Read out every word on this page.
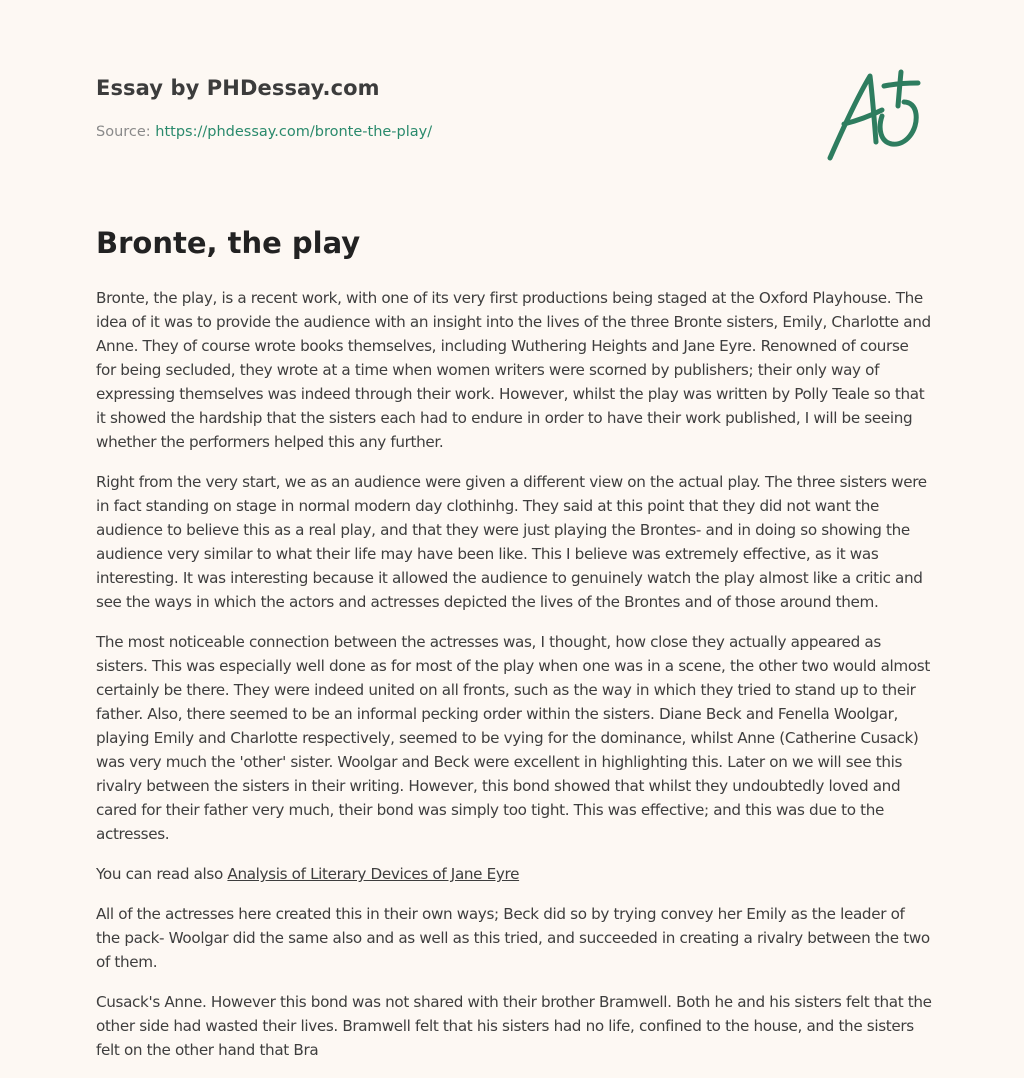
Essay by PHDessay.com
Source: https://phdessay.com/bronte-the-play/
Bronte, the play

Bronte, the play, is a recent work, with one of its very first productions being staged at the Oxford Playhouse. The idea of it was to provide the audience with an insight into the lives of the three Bronte sisters, Emily, Charlotte and Anne. They of course wrote books themselves, including Wuthering Heights and Jane Eyre. Renowned of course for being secluded, they wrote at a time when women writers were scorned by publishers; their only way of expressing themselves was indeed through their work. However, whilst the play was written by Polly Teale so that it showed the hardship that the sisters each had to endure in order to have their work published, I will be seeing whether the performers helped this any further.

Right from the very start, we as an audience were given a different view on the actual play. The three sisters were in fact standing on stage in normal modern day clothinhg. They said at this point that they did not want the audience to believe this as a real play, and that they were just playing the Brontes- and in doing so showing the audience very similar to what their life may have been like. This I believe was extremely effective, as it was interesting. It was interesting because it allowed the audience to genuinely watch the play almost like a critic and see the ways in which the actors and actresses depicted the lives of the Brontes and of those around them.

The most noticeable connection between the actresses was, I thought, how close they actually appeared as sisters. This was especially well done as for most of the play when one was in a scene, the other two would almost certainly be there. They were indeed united on all fronts, such as the way in which they tried to stand up to their father. Also, there seemed to be an informal pecking order within the sisters. Diane Beck and Fenella Woolgar, playing Emily and Charlotte respectively, seemed to be vying for the dominance, whilst Anne (Catherine Cusack) was very much the 'other' sister. Woolgar and Beck were excellent in highlighting this. Later on we will see this rivalry between the sisters in their writing. However, this bond showed that whilst they undoubtedly loved and cared for their father very much, their bond was simply too tight. This was effective; and this was due to the actresses.

You can read also Analysis of Literary Devices of Jane Eyre

All of the actresses here created this in their own ways; Beck did so by trying convey her Emily as the leader of the pack- Woolgar did the same also and as well as this tried, and succeeded in creating a rivalry between the two of them.

Cusack's Anne. However this bond was not shared with their brother Bramwell. Both he and his sisters felt that the other side had wasted their lives. Bramwell felt that his sisters had no life, confined to the house, and the sisters felt on the other hand that Bra
